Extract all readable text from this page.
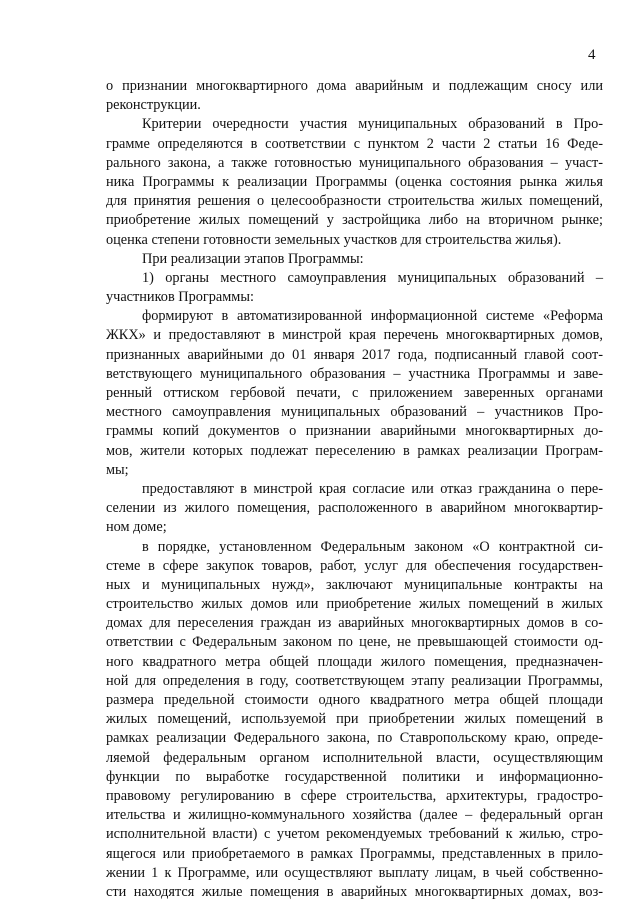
4
о признании многоквартирного дома аварийным и подлежащим сносу или
реконструкции.
Критерии очередности участия муниципальных образований в Про-
грамме определяются в соответствии с пунктом 2 части 2 статьи 16 Феде-
рального закона, а также готовностью муниципального образования – участ-
ника Программы к реализации Программы (оценка состояния рынка жилья
для принятия решения о целесообразности строительства жилых помещений,
приобретение жилых помещений у застройщика либо на вторичном рынке;
оценка степени готовности земельных участков для строительства жилья).
При реализации этапов Программы:
1) органы местного самоуправления муниципальных образований –
участников Программы:
формируют в автоматизированной информационной системе «Реформа
ЖКХ» и предоставляют в минстрой края перечень многоквартирных домов,
признанных аварийными до 01 января 2017 года, подписанный главой соот-
ветствующего муниципального образования – участника Программы и заве-
ренный оттиском гербовой печати, с приложением заверенных органами
местного самоуправления муниципальных образований – участников Про-
граммы копий документов о признании аварийными многоквартирных до-
мов, жители которых подлежат переселению в рамках реализации Програм-
мы;
предоставляют в минстрой края согласие или отказ гражданина о пере-
селении из жилого помещения, расположенного в аварийном многоквартир-
ном доме;
в порядке, установленном Федеральным законом «О контрактной си-
стеме в сфере закупок товаров, работ, услуг для обеспечения государствен-
ных и муниципальных нужд», заключают муниципальные контракты на
строительство жилых домов или приобретение жилых помещений в жилых
домах для переселения граждан из аварийных многоквартирных домов в со-
ответствии с Федеральным законом по цене, не превышающей стоимости од-
ного квадратного метра общей площади жилого помещения, предназначен-
ной для определения в году, соответствующем этапу реализации Программы,
размера предельной стоимости одного квадратного метра общей площади
жилых помещений, используемой при приобретении жилых помещений в
рамках реализации Федерального закона, по Ставропольскому краю, опреде-
ляемой федеральным органом исполнительной власти, осуществляющим
функции по выработке государственной политики и информационно-
правовому регулированию в сфере строительства, архитектуры, градостро-
ительства и жилищно-коммунального хозяйства (далее – федеральный орган
исполнительной власти) с учетом рекомендуемых требований к жилью, стро-
ящегося или приобретаемого в рамках Программы, представленных в прило-
жении 1 к Программе, или осуществляют выплату лицам, в чьей собственно-
сти находятся жилые помещения в аварийных многоквартирных домах, воз-
